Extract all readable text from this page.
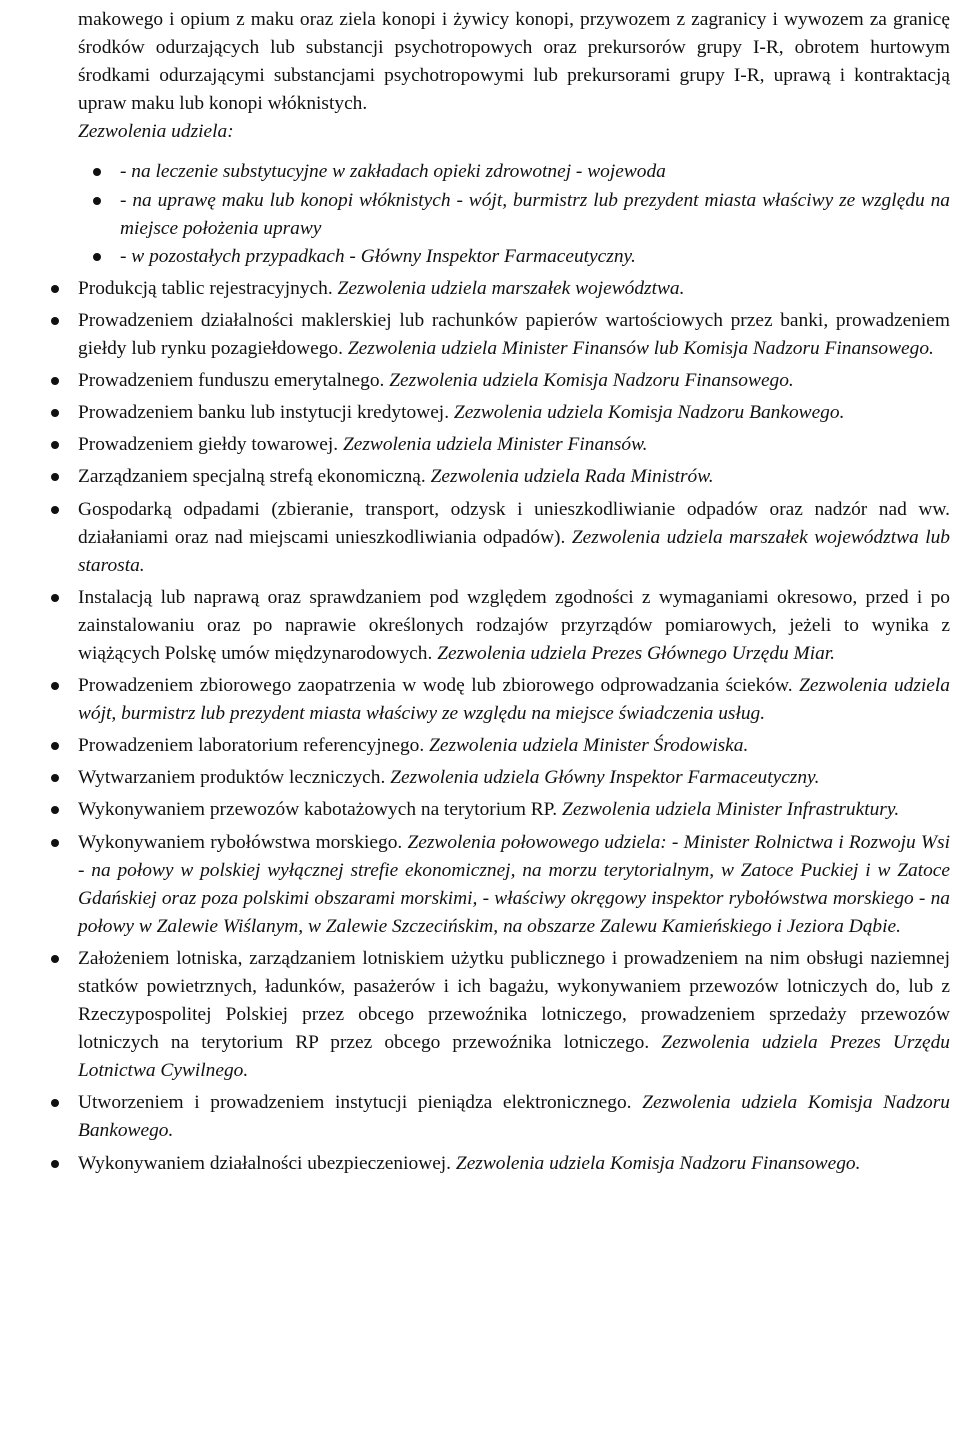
makowego i opium z maku oraz ziela konopi i żywicy konopi, przywozem z zagranicy i wywozem za granicę środków odurzających lub substancji psychotropowych oraz prekursorów grupy I-R, obrotem hurtowym środkami odurzającymi substancjami psychotropowymi lub prekursorami grupy I-R, uprawą i kontraktacją upraw maku lub konopi włóknistych.

Zezwolenia udziela:

- na leczenie substytucyjne w zakładach opieki zdrowotnej - wojewoda
- na uprawę maku lub konopi włóknistych - wójt, burmistrz lub prezydent miasta właściwy ze względu na miejsce położenia uprawy
- w pozostałych przypadkach - Główny Inspektor Farmaceutyczny.
Produkcją tablic rejestracyjnych. Zezwolenia udziela marszałek województwa.
Prowadzeniem działalności maklerskiej lub rachunków papierów wartościowych przez banki, prowadzeniem giełdy lub rynku pozagiełdowego. Zezwolenia udziela Minister Finansów lub Komisja Nadzoru Finansowego.
Prowadzeniem funduszu emerytalnego. Zezwolenia udziela Komisja Nadzoru Finansowego.
Prowadzeniem banku lub instytucji kredytowej. Zezwolenia udziela Komisja Nadzoru Bankowego.
Prowadzeniem giełdy towarowej. Zezwolenia udziela Minister Finansów.
Zarządzaniem specjalną strefą ekonomiczną. Zezwolenia udziela Rada Ministrów.
Gospodarką odpadami (zbieranie, transport, odzysk i unieszkodliwianie odpadów oraz nadzór nad ww. działaniami oraz nad miejscami unieszkodliwiania odpadów). Zezwolenia udziela marszałek województwa lub starosta.
Instalacją lub naprawą oraz sprawdzaniem pod względem zgodności z wymaganiami okresowo, przed i po zainstalowaniu oraz po naprawie określonych rodzajów przyrządów pomiarowych, jeżeli to wynika z wiążących Polskę umów międzynarodowych. Zezwolenia udziela Prezes Głównego Urzędu Miar.
Prowadzeniem zbiorowego zaopatrzenia w wodę lub zbiorowego odprowadzania ścieków. Zezwolenia udziela wójt, burmistrz lub prezydent miasta właściwy ze względu na miejsce świadczenia usług.
Prowadzeniem laboratorium referencyjnego. Zezwolenia udziela Minister Środowiska.
Wytwarzaniem produktów leczniczych. Zezwolenia udziela Główny Inspektor Farmaceutyczny.
Wykonywaniem przewozów kabotażowych na terytorium RP. Zezwolenia udziela Minister Infrastruktury.
Wykonywaniem rybołówstwa morskiego. Zezwolenia połowowego udziela: - Minister Rolnictwa i Rozwoju Wsi - na połowy w polskiej wyłącznej strefie ekonomicznej, na morzu terytorialnym, w Zatoce Puckiej i w Zatoce Gdańskiej oraz poza polskimi obszarami morskimi, - właściwy okręgowy inspektor rybołówstwa morskiego - na połowy w Zalewie Wiślanym, w Zalewie Szczecińskim, na obszarze Zalewu Kamieńskiego i Jeziora Dąbie.
Założeniem lotniska, zarządzaniem lotniskiem użytku publicznego i prowadzeniem na nim obsługi naziemnej statków powietrznych, ładunków, pasażerów i ich bagażu, wykonywaniem przewozów lotniczych do, lub z Rzeczypospolitej Polskiej przez obcego przewoźnika lotniczego, prowadzeniem sprzedaży przewozów lotniczych na terytorium RP przez obcego przewoźnika lotniczego. Zezwolenia udziela Prezes Urzędu Lotnictwa Cywilnego.
Utworzeniem i prowadzeniem instytucji pieniądza elektronicznego. Zezwolenia udziela Komisja Nadzoru Bankowego.
Wykonywaniem działalności ubezpieczeniowej. Zezwolenia udziela Komisja Nadzoru Finansowego.
